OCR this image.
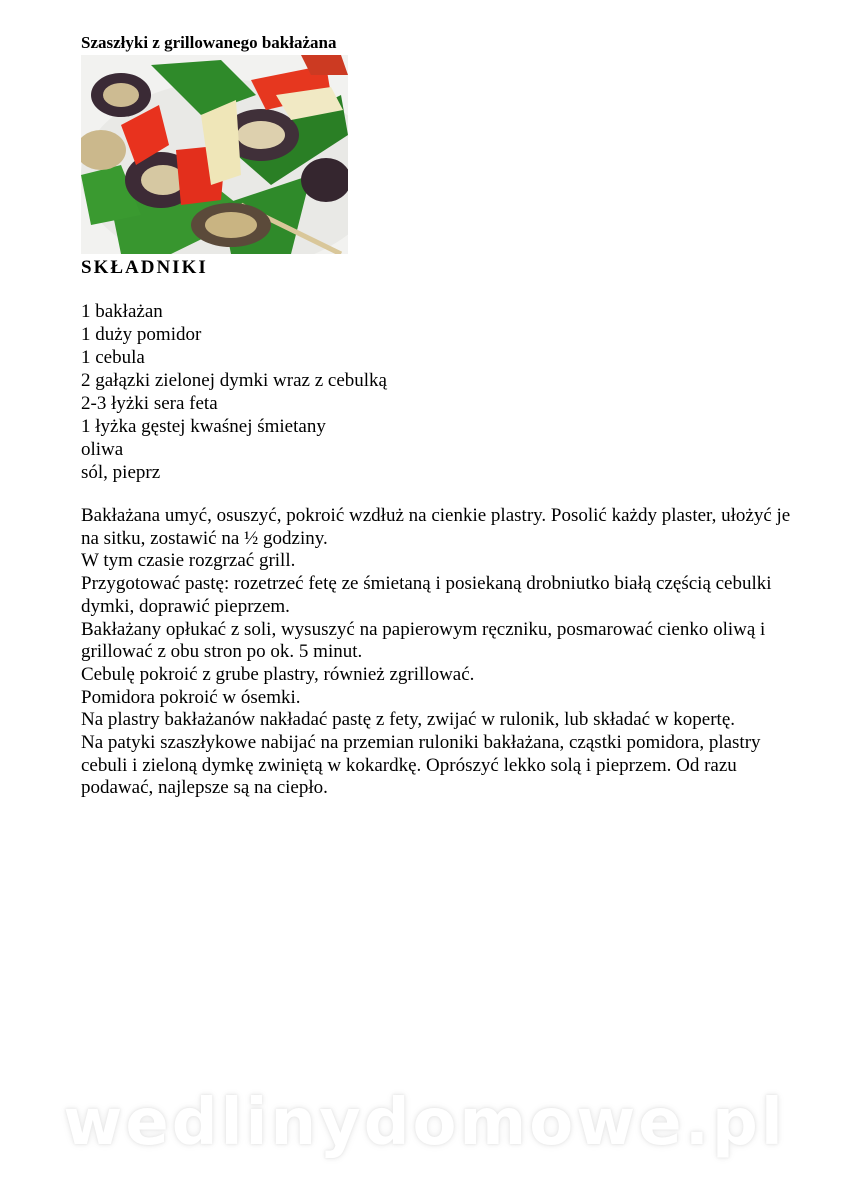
Szaszłyki z grillowanego bakłażana
SKŁADNIKI
1 bakłażan
1 duży pomidor
1 cebula
2 gałązki zielonej dymki wraz z cebulką
2-3 łyżki sera feta
1 łyżka gęstej kwaśnej śmietany
oliwa
sól, pieprz

Bakłażana umyć, osuszyć, pokroić wzdłuż na cienkie plastry. Posolić każdy plaster, ułożyć je na sitku, zostawić na ½ godziny.

W tym czasie rozgrzać grill.

Przygotować pastę: rozetrzeć fetę ze śmietaną i posiekaną drobniutko białą częścią cebulki dymki, doprawić pieprzem.

Bakłażany opłukać z soli, wysuszyć na papierowym ręczniku, posmarować cienko oliwą i grillować z obu stron po ok. 5 minut.

Cebulę pokroić z grube plastry, również zgrillować.

Pomidora pokroić w ósemki.

Na plastry bakłażanów nakładać pastę z fety, zwijać w rulonik, lub składać w kopertę.

Na patyki szaszłykowe nabijać na przemian ruloniki bakłażana, cząstki pomidora, plastry cebuli i zieloną dymkę zwiniętą w kokardkę. Oprószyć lekko solą i pieprzem. Od razu podawać, najlepsze są na ciepło.

wedlinydomowe.pl
